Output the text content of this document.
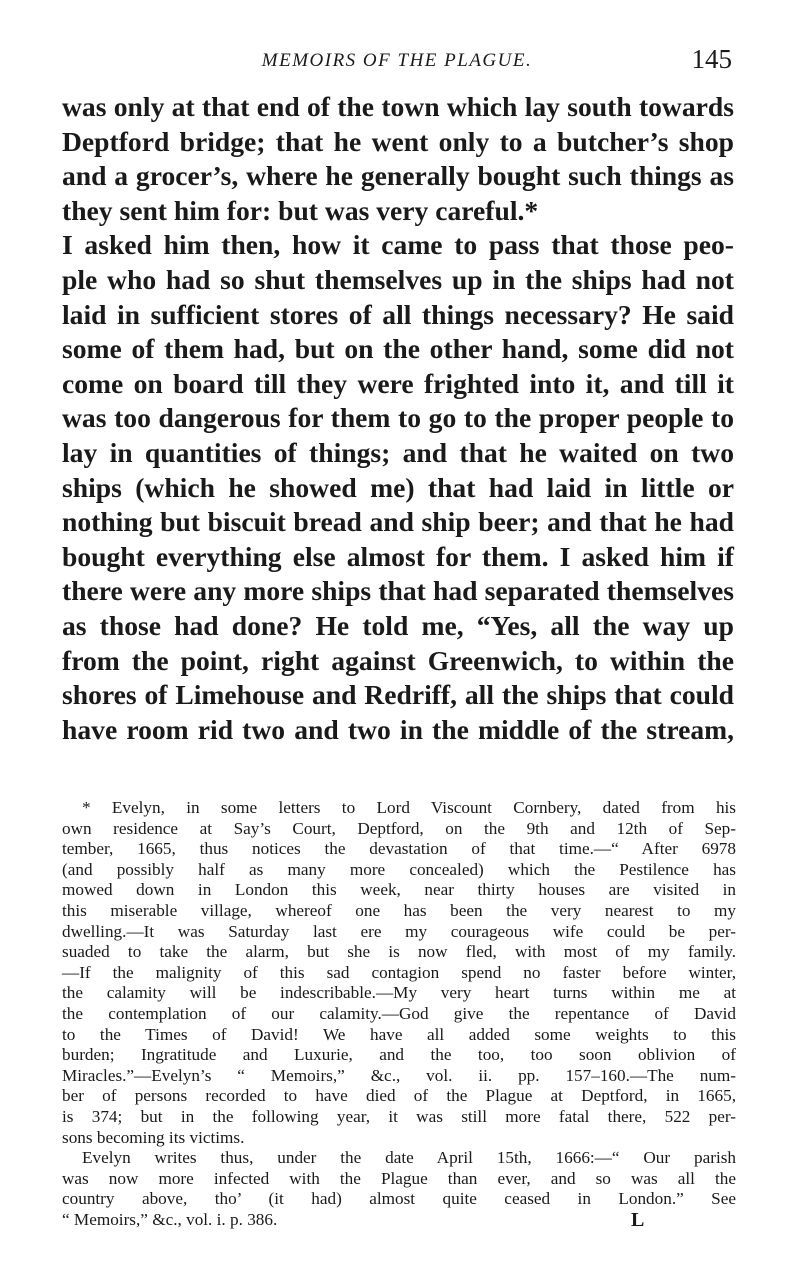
MEMOIRS OF THE PLAGUE.	145
was only at that end of the town which lay south towards
Deptford bridge; that he went only to a butcher’s shop
and a grocer’s, where he generally bought such things as
they sent him for: but was very careful.*
I asked him then, how it came to pass that those peo-
ple who had so shut themselves up in the ships had not
laid in sufficient stores of all things necessary? He said
some of them had, but on the other hand, some did not
come on board till they were frighted into it, and till it
was too dangerous for them to go to the proper people to
lay in quantities of things; and that he waited on two
ships (which he showed me) that had laid in little or
nothing but biscuit bread and ship beer; and that he had
bought everything else almost for them. I asked him if
there were any more ships that had separated themselves
as those had done? He told me, “Yes, all the way up
from the point, right against Greenwich, to within the
shores of Limehouse and Redriff, all the ships that could
have room rid two and two in the middle of the stream,
* Evelyn, in some letters to Lord Viscount Cornbery, dated from his
own residence at Say’s Court, Deptford, on the 9th and 12th of Sep-
tember, 1665, thus notices the devastation of that time.—“ After 6978
(and possibly half as many more concealed) which the Pestilence has
mowed down in London this week, near thirty houses are visited in
this miserable village, whereof one has been the very nearest to my
dwelling.—It was Saturday last ere my courageous wife could be per-
suaded to take the alarm, but she is now fled, with most of my family.
—If the malignity of this sad contagion spend no faster before winter,
the calamity will be indescribable.—My very heart turns within me at
the contemplation of our calamity.—God give the repentance of David
to the Times of David! We have all added some weights to this
burden; Ingratitude and Luxurie, and the too, too soon oblivion of
Miracles.”—Evelyn’s “ Memoirs,” &c., vol. ii. pp. 157–160.—The num-
ber of persons recorded to have died of the Plague at Deptford, in 1665,
is 374; but in the following year, it was still more fatal there, 522 per-
sons becoming its victims.
Evelyn writes thus, under the date April 15th, 1666:—“ Our parish
was now more infected with the Plague than ever, and so was all the
country above, tho’ (it had) almost quite ceased in London.” See
“ Memoirs,” &c., vol. i. p. 386.	L
